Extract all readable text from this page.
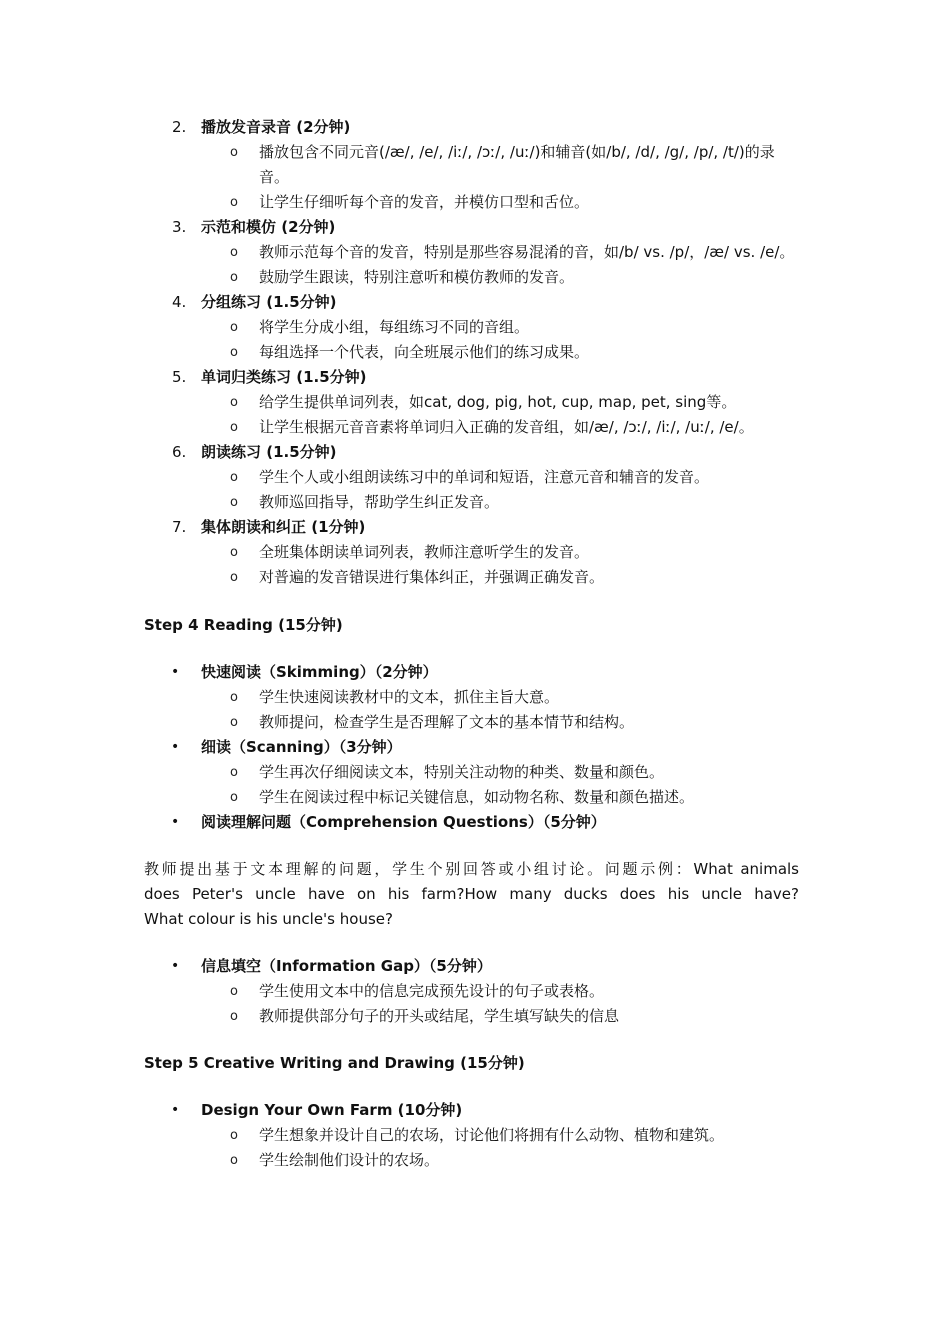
2. 播放发音录音 (2分钟)
o 播放包含不同元音(/æ/, /e/, /iː/, /ɔː/, /uː/)和辅音(如/b/, /d/, /g/, /p/, /t/)的录音。
o 让学生仔细听每个音的发音，并模仿口型和舌位。
3. 示范和模仿 (2分钟)
o 教师示范每个音的发音，特别是那些容易混淆的音，如/b/ vs. /p/，/æ/ vs. /e/。
o 鼓励学生跟读，特别注意听和模仿教师的发音。
4. 分组练习 (1.5分钟)
o 将学生分成小组，每组练习不同的音组。
o 每组选择一个代表，向全班展示他们的练习成果。
5. 单词归类练习 (1.5分钟)
o 给学生提供单词列表，如cat, dog, pig, hot, cup, map, pet, sing等。
o 让学生根据元音音素将单词归入正确的发音组，如/æ/, /ɔː/, /iː/, /uː/, /e/。
6. 朗读练习 (1.5分钟)
o 学生个人或小组朗读练习中的单词和短语，注意元音和辅音的发音。
o 教师巡回指导，帮助学生纠正发音。
7. 集体朗读和纠正 (1分钟)
o 全班集体朗读单词列表，教师注意听学生的发音。
o 对普遍的发音错误进行集体纠正，并强调正确发音。
Step 4 Reading (15分钟)
• 快速阅读（Skimming）（2分钟）
o 学生快速阅读教材中的文本，抓住主旨大意。
o 教师提问，检查学生是否理解了文本的基本情节和结构。
• 细读（Scanning）（3分钟）
o 学生再次仔细阅读文本，特别关注动物的种类、数量和颜色。
o 学生在阅读过程中标记关键信息，如动物名称、数量和颜色描述。
• 阅读理解问题（Comprehension Questions）（5分钟）
教师提出基于文本理解的问题，学生个别回答或小组讨论。问题示例：What animals
does Peter's uncle have on his farm?How many ducks does his uncle have?
What colour is his uncle's house?
• 信息填空（Information Gap）（5分钟）
o 学生使用文本中的信息完成预先设计的句子或表格。
o 教师提供部分句子的开头或结尾，学生填写缺失的信息
Step 5 Creative Writing and Drawing (15分钟)
• Design Your Own Farm (10分钟)
o 学生想象并设计自己的农场，讨论他们将拥有什么动物、植物和建筑。
o 学生绘制他们设计的农场。
